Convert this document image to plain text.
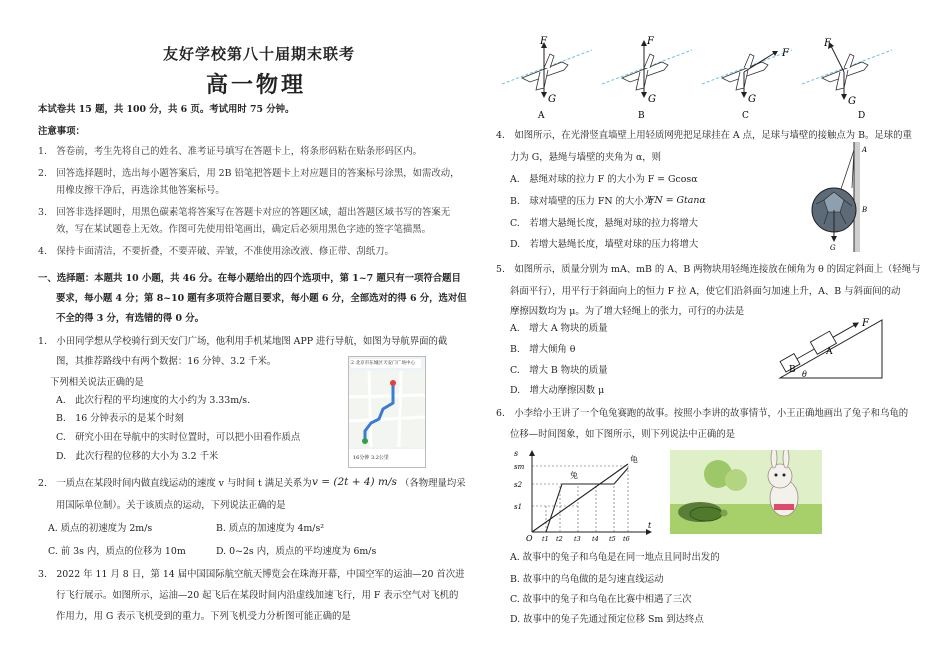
友好学校第八十届期末联考
高一物理
本试卷共 15 题，共 100 分，共 6 页。考试用时 75 分钟。
注意事项：
1.　答卷前，考生先将自己的姓名、准考证号填写在答题卡上，将条形码粘在贴条形码区内。
2.　回答选择题时，选出每小题答案后，用 2B 铅笔把答题卡上对应题目的答案标号涂黑，如需改动，
用橡皮擦干净后，再选涂其他答案标号。
3.　回答非选择题时，用黑色碳素笔将答案写在答题卡对应的答题区域，超出答题区域书写的答案无
效，写在某试题卷上无效。作图可先使用铅笔画出，确定后必须用黑色字迹的签字笔描黑。
4.　保持卡面清洁，不要折叠，不要弄破、弄皱，不准使用涂改液、修正带、刮纸刀。
一、选择题：本题共 10 小题，共 46 分。在每小题给出的四个选项中，第 1~7 题只有一项符合题目
要求，每小题 4 分；第 8~10 题有多项符合题目要求，每小题 6 分，全部选对的得 6 分，选对但
不全的得 3 分，有选错的得 0 分。
1.　小田同学想从学校骑行到天安门广场，他利用手机某地图 APP 进行导航，如图为导航界面的截
图，其推荐路线中有两个数据：16 分钟、3.2 千米。
下列相关说法正确的是
A.　此次行程的平均速度的大小约为 3.33m/s.
B.　16 分钟表示的是某个时刻
C.　研究小田在导航中的实时位置时，可以把小田看作质点
D.　此次行程的位移的大小为 3.2 千米
2 北京市东城区天安门广场中心
16分钟 3.2公里
2.　一质点在某段时间内做直线运动的速度 v 与时间 t 满足关系为 v = (2t + 4) m/s （各物理量均采
用国际单位制）。关于该质点的运动，下列说法正确的是
A. 质点的初速度为 2m/s	B. 质点的加速度为 4m/s²
C. 前 3s 内，质点的位移为 10m	D. 0~2s 内，质点的平均速度为 6m/s
3.　2022 年 11 月 8 日，第 14 届中国国际航空航天博览会在珠海开幕，中国空军的运油—20 首次进
行飞行展示。如图所示，运油—20 起飞后在某段时间内沿虚线加速飞行，用 F 表示空气对飞机的
作用力，用 G 表示飞机受到的重力。下列飞机受力分析图可能正确的是
F
G
A
F
G
B
F
G
C
F
G
D
4.　如图所示，在光滑竖直墙壁上用轻质网兜把足球挂在 A 点，足球与墙壁的接触点为 B。足球的重
力为 G，悬绳与墙壁的夹角为 α，则
A.　悬绳对球的拉力 F 的大小为 F = Gcosα
B.　球对墙壁的压力 FN 的大小为
FN = Gtanα
C.　若增大悬绳长度，悬绳对球的拉力将增大
D.　若增大悬绳长度，墙壁对球的压力将增大
A
B
G
5.　如图所示，质量分别为 mA、mB 的 A、B 两物块用轻绳连接放在倾角为 θ 的固定斜面上（轻绳与
斜面平行），用平行于斜面向上的恒力 F 拉 A，使它们沿斜面匀加速上升，A、B 与斜面间的动
摩擦因数均为 μ。为了增大轻绳上的张力，可行的办法是
A.　增大 A 物块的质量
B.　增大倾角 θ
C.　增大 B 物块的质量
D.　增大动摩擦因数 μ
B
A
F
θ
6.　小李给小王讲了一个龟兔赛跑的故事。按照小李讲的故事情节，小王正确地画出了兔子和乌龟的
位移—时间图象，如下图所示，则下列说法中正确的是
s
sm
s2
s1
O
t
龟
兔
t1 t2 t3 t4 t5 t6
A. 故事中的兔子和乌龟是在同一地点且同时出发的
B. 故事中的乌龟做的是匀速直线运动
C. 故事中的兔子和乌龟在比赛中相遇了三次
D. 故事中的兔子先通过预定位移 Sm 到达终点
